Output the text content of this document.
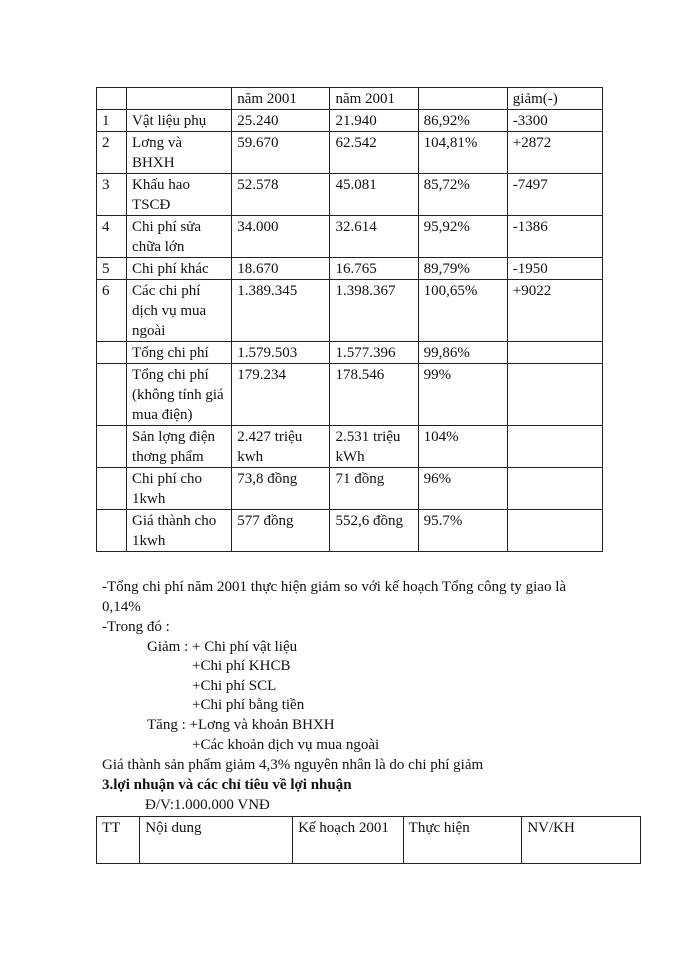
		năm 2001	năm 2001		giảm(-)
1	Vật liệu phụ	25.240	21.940	86,92%	-3300
2	Lơng và BHXH	59.670	62.542	104,81%	+2872
3	Khấu hao TSCĐ	52.578	45.081	85,72%	-7497
4	Chi phí sửa chữa lớn	34.000	32.614	95,92%	-1386
5	Chi phí khác	18.670	16.765	89,79%	-1950
6	Các chi phí dịch vụ mua ngoài	1.389.345	1.398.367	100,65%	+9022
	Tổng chi phí	1.579.503	1.577.396	99,86%	
	Tổng chi phí (không tính giá mua điện)	179.234	178.546	99%	
	Sản lợng điện thơng phẩm	2.427 triệu kwh	2.531 triệu kWh	104%	
	Chi phí cho 1kwh	73,8 đồng	71 đồng	96%	
	Giá thành cho 1kwh	577 đồng	552,6 đồng	95.7%	
-Tổng chi phí năm 2001 thực hiện giảm so với kế hoạch Tổng công ty giao là
0,14%
-Trong đó :
Giảm : + Chi phí vật liệu
+Chi phí KHCB
+Chi phí SCL
+Chi phí bằng tiền
Tăng : +Lơng và khoản BHXH
+Các khoản dịch vụ mua ngoài
Giá thành sản phẩm giảm 4,3% nguyên nhân là do chi phí giảm
3.lợi nhuận và các chỉ tiêu về lợi nhuận
Đ/V:1.000.000 VNĐ
TT	Nội dung	Kế hoạch 2001	Thực hiện	NV/KH
